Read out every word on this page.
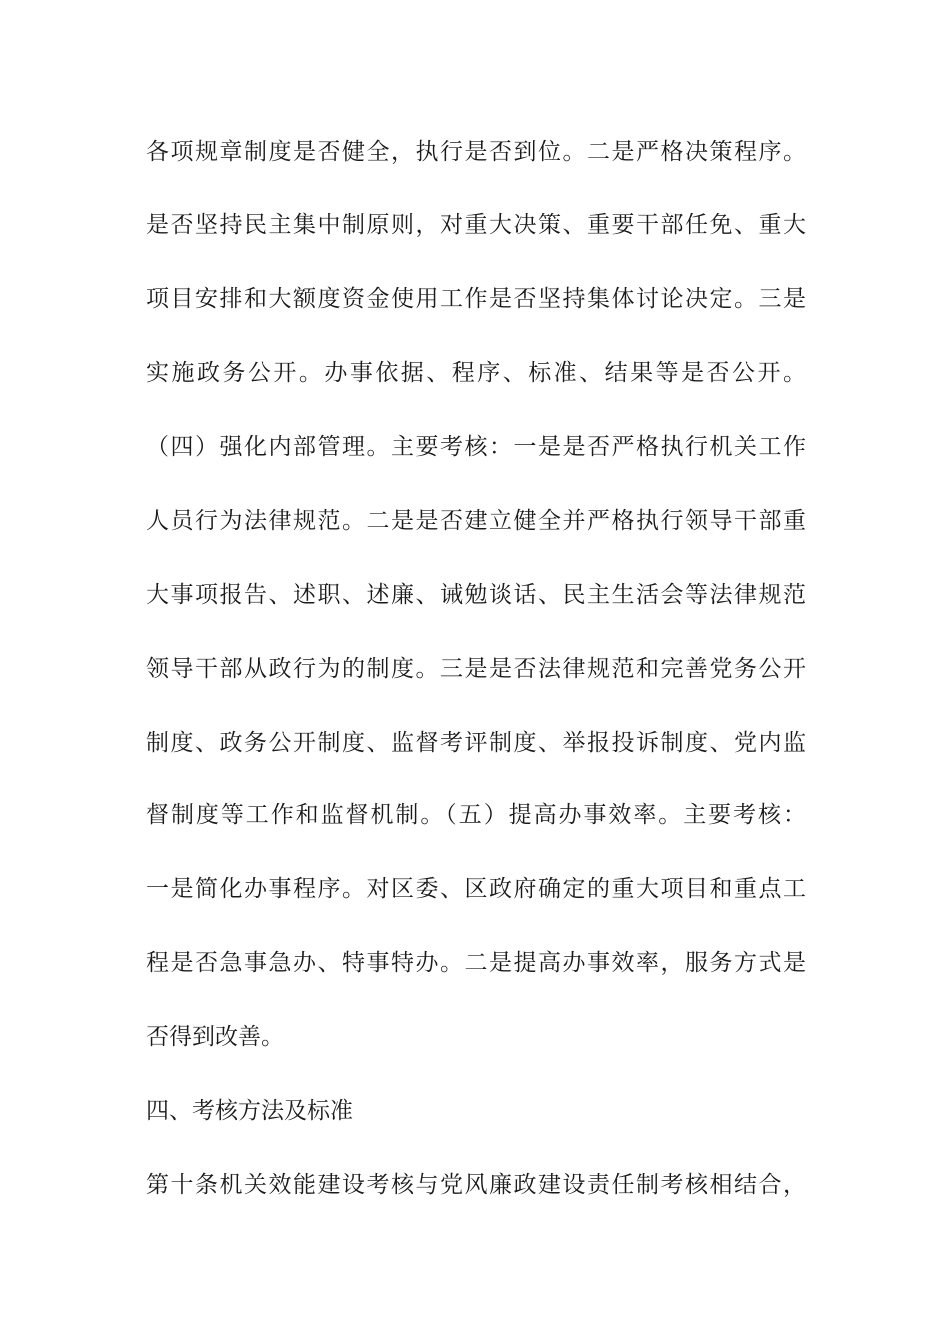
各项规章制度是否健全，执行是否到位。二是严格决策程序。
是否坚持民主集中制原则，对重大决策、重要干部任免、重大
项目安排和大额度资金使用工作是否坚持集体讨论决定。三是
实施政务公开。办事依据、程序、标准、结果等是否公开。
（四）强化内部管理。主要考核：一是是否严格执行机关工作
人员行为法律规范。二是是否建立健全并严格执行领导干部重
大事项报告、述职、述廉、诫勉谈话、民主生活会等法律规范
领导干部从政行为的制度。三是是否法律规范和完善党务公开
制度、政务公开制度、监督考评制度、举报投诉制度、党内监
督制度等工作和监督机制。（五）提高办事效率。主要考核：
一是简化办事程序。对区委、区政府确定的重大项目和重点工
程是否急事急办、特事特办。二是提高办事效率，服务方式是
否得到改善。
四、考核方法及标准
第十条机关效能建设考核与党风廉政建设责任制考核相结合，
